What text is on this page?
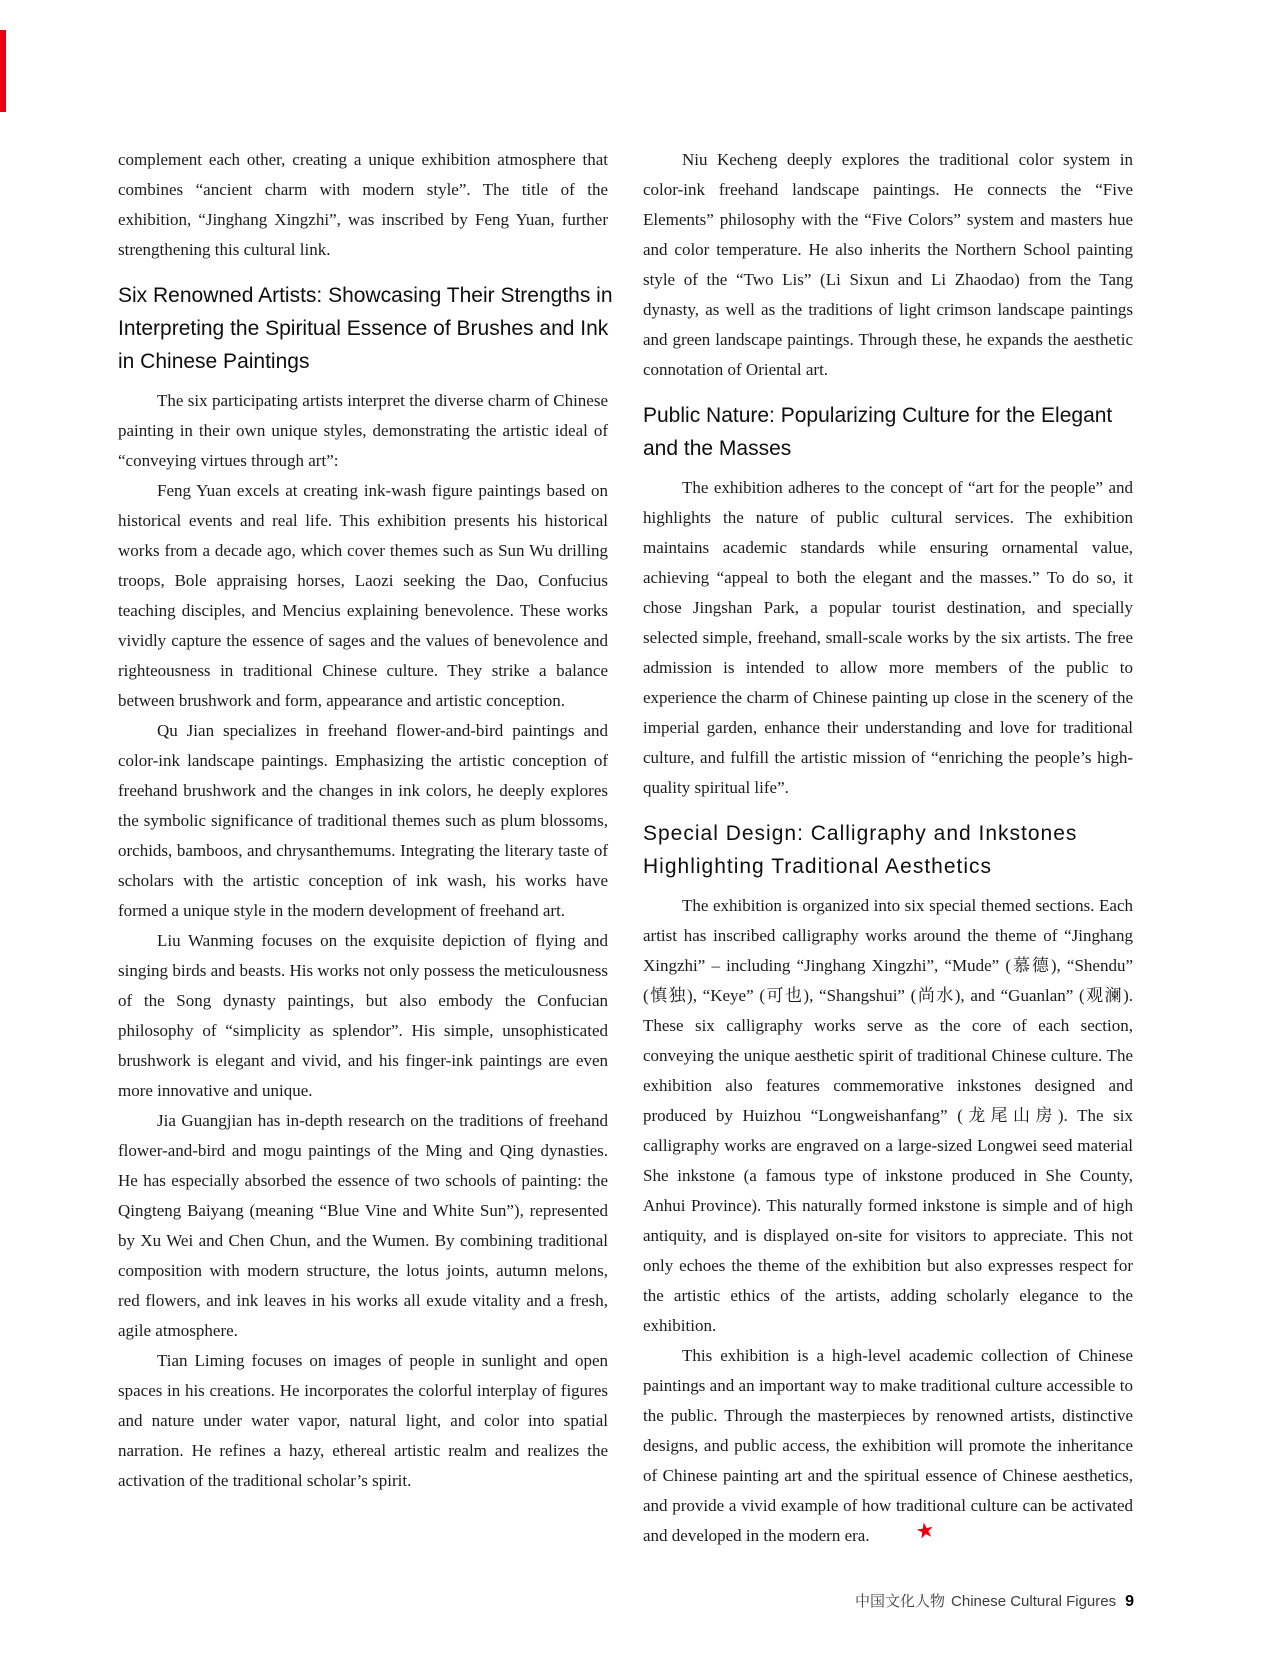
complement each other, creating a unique exhibition atmosphere that combines “ancient charm with modern style”. The title of the exhibition, “Jinghang Xingzhi”, was inscribed by Feng Yuan, further strengthening this cultural link.

Six Renowned Artists: Showcasing Their Strengths in Interpreting the Spiritual Essence of Brushes and Ink in Chinese Paintings

The six participating artists interpret the diverse charm of Chinese painting in their own unique styles, demonstrating the artistic ideal of “conveying virtues through art”:

Feng Yuan excels at creating ink-wash figure paintings based on historical events and real life. This exhibition presents his historical works from a decade ago, which cover themes such as Sun Wu drilling troops, Bole appraising horses, Laozi seeking the Dao, Confucius teaching disciples, and Mencius explaining benevolence. These works vividly capture the essence of sages and the values of benevolence and righteousness in traditional Chinese culture. They strike a balance between brushwork and form, appearance and artistic conception.

Qu Jian specializes in freehand flower-and-bird paintings and color-ink landscape paintings. Emphasizing the artistic conception of freehand brushwork and the changes in ink colors, he deeply explores the symbolic significance of traditional themes such as plum blossoms, orchids, bamboos, and chrysanthemums. Integrating the literary taste of scholars with the artistic conception of ink wash, his works have formed a unique style in the modern development of freehand art.

Liu Wanming focuses on the exquisite depiction of flying and singing birds and beasts. His works not only possess the meticulousness of the Song dynasty paintings, but also embody the Confucian philosophy of “simplicity as splendor”. His simple, unsophisticated brushwork is elegant and vivid, and his finger-ink paintings are even more innovative and unique.

Jia Guangjian has in-depth research on the traditions of freehand flower-and-bird and mogu paintings of the Ming and Qing dynasties. He has especially absorbed the essence of two schools of painting: the Qingteng Baiyang (meaning “Blue Vine and White Sun”), represented by Xu Wei and Chen Chun, and the Wumen. By combining traditional composition with modern structure, the lotus joints, autumn melons, red flowers, and ink leaves in his works all exude vitality and a fresh, agile atmosphere.

Tian Liming focuses on images of people in sunlight and open spaces in his creations. He incorporates the colorful interplay of figures and nature under water vapor, natural light, and color into spatial narration. He refines a hazy, ethereal artistic realm and realizes the activation of the traditional scholar’s spirit.

Niu Kecheng deeply explores the traditional color system in color-ink freehand landscape paintings. He connects the “Five Elements” philosophy with the “Five Colors” system and masters hue and color temperature. He also inherits the Northern School painting style of the “Two Lis” (Li Sixun and Li Zhaodao) from the Tang dynasty, as well as the traditions of light crimson landscape paintings and green landscape paintings. Through these, he expands the aesthetic connotation of Oriental art.

Public Nature: Popularizing Culture for the Elegant and the Masses

The exhibition adheres to the concept of “art for the people” and highlights the nature of public cultural services. The exhibition maintains academic standards while ensuring ornamental value, achieving “appeal to both the elegant and the masses.” To do so, it chose Jingshan Park, a popular tourist destination, and specially selected simple, freehand, small-scale works by the six artists. The free admission is intended to allow more members of the public to experience the charm of Chinese painting up close in the scenery of the imperial garden, enhance their understanding and love for traditional culture, and fulfill the artistic mission of “enriching the people’s high-quality spiritual life”.

Special Design: Calligraphy and Inkstones Highlighting Traditional Aesthetics

The exhibition is organized into six special themed sections. Each artist has inscribed calligraphy works around the theme of “Jinghang Xingzhi” – including “Jinghang Xingzhi”, “Mude” (慕德), “Shendu” (慎独), “Keye” (可也), “Shangshui” (尚水), and “Guanlan” (观澜). These six calligraphy works serve as the core of each section, conveying the unique aesthetic spirit of traditional Chinese culture. The exhibition also features commemorative inkstones designed and produced by Huizhou “Longweishanfang” (龙尾山房). The six calligraphy works are engraved on a large-sized Longwei seed material She inkstone (a famous type of inkstone produced in She County, Anhui Province). This naturally formed inkstone is simple and of high antiquity, and is displayed on-site for visitors to appreciate. This not only echoes the theme of the exhibition but also expresses respect for the artistic ethics of the artists, adding scholarly elegance to the exhibition.

This exhibition is a high-level academic collection of Chinese paintings and an important way to make traditional culture accessible to the public. Through the masterpieces by renowned artists, distinctive designs, and public access, the exhibition will promote the inheritance of Chinese painting art and the spiritual essence of Chinese aesthetics, and provide a vivid example of how traditional culture can be activated and developed in the modern era. ★

中国文化人物 Chinese Cultural Figures 9
